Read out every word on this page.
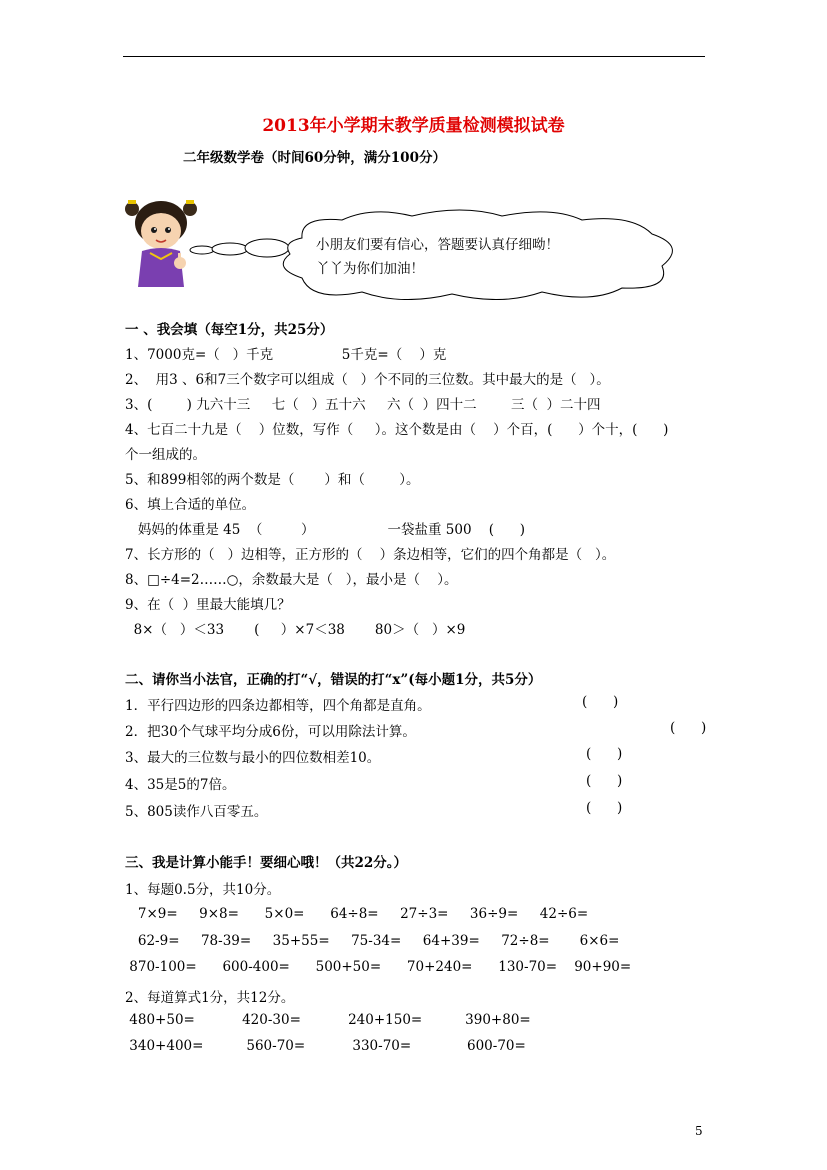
2013年小学期末教学质量检测模拟试卷
二年级数学卷（时间60分钟，满分100分）
小朋友们要有信心，答题要认真仔细呦！
丫丫为你们加油！
一 、我会填（每空1分，共25分）
1、7000克=（   ）千克                5千克=（    ）克
2、  用3 、6和7三个数字可以组成（   ）个不同的三位数。其中最大的是（   ）。
3、(        ) 九六十三     七（   ）五十六     六（  ）四十二        三（  ）二十四
4、七百二十九是（    ）位数，写作（     ）。这个数是由（    ）个百，(      ）个十，(      )
个一组成的。
5、和899相邻的两个数是（       ）和（        ）。
6、填上合适的单位。
妈妈的体重是 45  （         ）                 一袋盐重 500    (      )
7、长方形的（   ）边相等，正方形的（    ）条边相等，它们的四个角都是（   ）。
8、□÷4=2……○，余数最大是（   ），最小是（    ）。
9、在（  ）里最大能填几？
8×（   ）＜33       (     ）×7＜38       80＞（   ）×9
二、请你当小法官，正确的打“√，错误的打“x”(每小题1分，共5分）
1．平行四边形的四条边都相等，四个角都是直角。	(      )
2．把30个气球平均分成6份，可以用除法计算。	(      )
3、最大的三位数与最小的四位数相差10。	(      )
4、35是5的7倍。	(      )
5、805读作八百零五。	(      )
三、我是计算小能手！要细心哦！（共22分。）
1、每题0.5分，共10分。
7×9=     9×8=      5×0=      64÷8=     27÷3=     36÷9=     42÷6=
62-9=     78-39=     35+55=     75-34=     64+39=     72÷8=       6×6=
870-100=      600-400=      500+50=      70+240=      130-70=    90+90=
2、每道算式1分，共12分。
480+50=           420-30=           240+150=          390+80=
340+400=          560-70=           330-70=             600-70=
5
